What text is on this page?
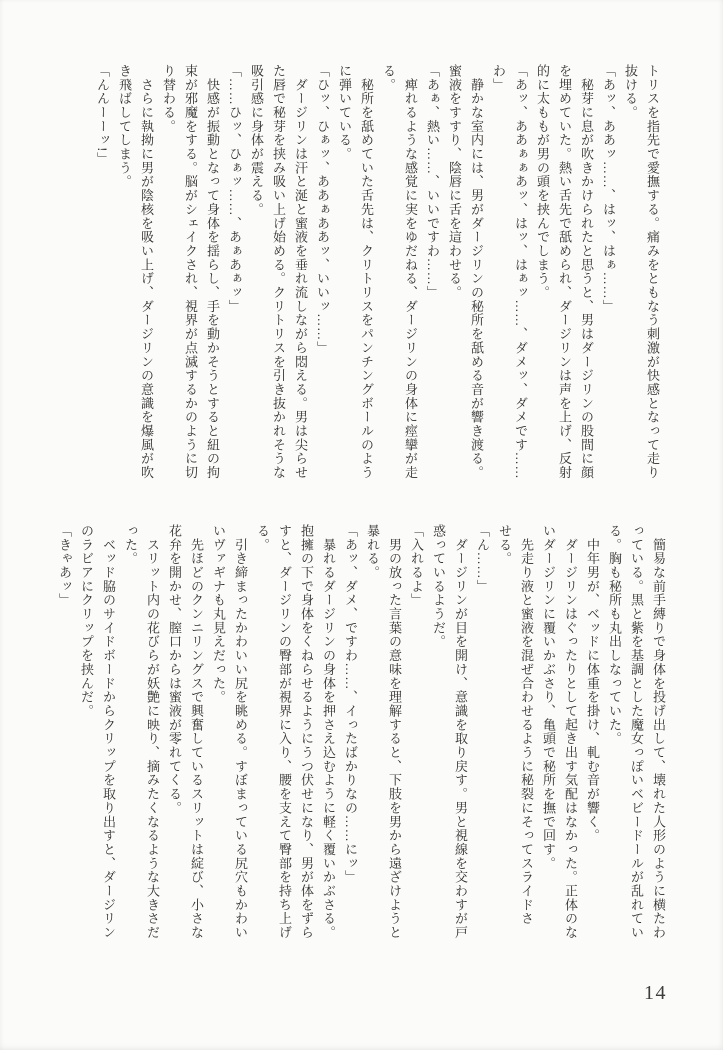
トリスを指先で愛撫する。痛みをともなう刺激が快感となって走り
抜ける。
「あッ、ああッ……、はッ、はぁ……」
　秘芽に息が吹きかけられたと思うと、男はダージリンの股間に顔
を埋めていた。熱い舌先で舐められ、ダージリンは声を上げ、反射
的に太ももが男の頭を挟んでしまう。
「あッ、ああぁぁあッ、はッ、はぁッ……、ダメッ、ダメです……
わ」
　静かな室内には、男がダージリンの秘所を舐める音が響き渡る。
蜜液をすすり、陰唇に舌を這わせる。
「あぁ、熱い……、いいですわ……」
　痺れるような感覚に実をゆだねる、ダージリンの身体に痙攣が走
る。
　秘所を舐めていた舌先は、クリトリスをパンチングボールのよう
に弾いている。
「ひッ、ひぁッ、ああぁああッ、いいッ……」
　ダージリンは汗と涎と蜜液を垂れ流しながら悶える。男は尖らせ
た唇で秘芽を挟み吸い上げ始める。クリトリスを引き抜かれそうな
吸引感に身体が震える。
「……ひッ、ひぁッ……、あぁあぁッ」
　快感が振動となって身体を揺らし、手を動かそうとすると紐の拘
束が邪魔をする。脳がシェイクされ、視界が点滅するかのように切
り替わる。
　さらに執拗に男が陰核を吸い上げ、ダージリンの意識を爆風が吹
き飛ばしてしまう。
「んんーーッ!」
　簡易な前手縛りで身体を投げ出して、壊れた人形のように横たわ
っている。黒と紫を基調とした魔女っぽいベビードールが乱れてい
る。胸も秘所も丸出しなっていた。
　中年男が、ベッドに体重を掛け、軋む音が響く。
　ダージリンはぐったりとして起き出す気配はなかった。正体のな
いダージリンに覆いかぶさり、亀頭で秘所を撫で回す。
　先走り液と蜜液を混ぜ合わせるように秘裂にそってスライドさ
せる。
「ん……」
　ダージリンが目を開け、意識を取り戻す。男と視線を交わすが戸
惑っているようだ。
「入れるよ」
　男の放った言葉の意味を理解すると、下肢を男から遠ざけようと
暴れる。
「あッ、ダメ、ですわ……、イったばかりなの……にッ」
　暴れるダージリンの身体を押さえ込むように軽く覆いかぶさる。
抱擁の下で身体をくねらせるようにうつ伏せになり、男が体をずら
すと、ダージリンの臀部が視界に入り、腰を支えて臀部を持ち上げ
る。
　引き締まったかわいい尻を眺める。すぼまっている尻穴もかわい
いヴァギナも丸見えだった。
　先ほどのクンニリングスで興奮しているスリットは綻び、小さな
花弁を開かせ、膣口からは蜜液が零れてくる。
　スリット内の花びらが妖艶に映り、摘みたくなるような大きさだ
った。
　ベッド脇のサイドボードからクリップを取り出すと、ダージリン
のラビアにクリップを挟んだ。
「きゃあッ」
14
